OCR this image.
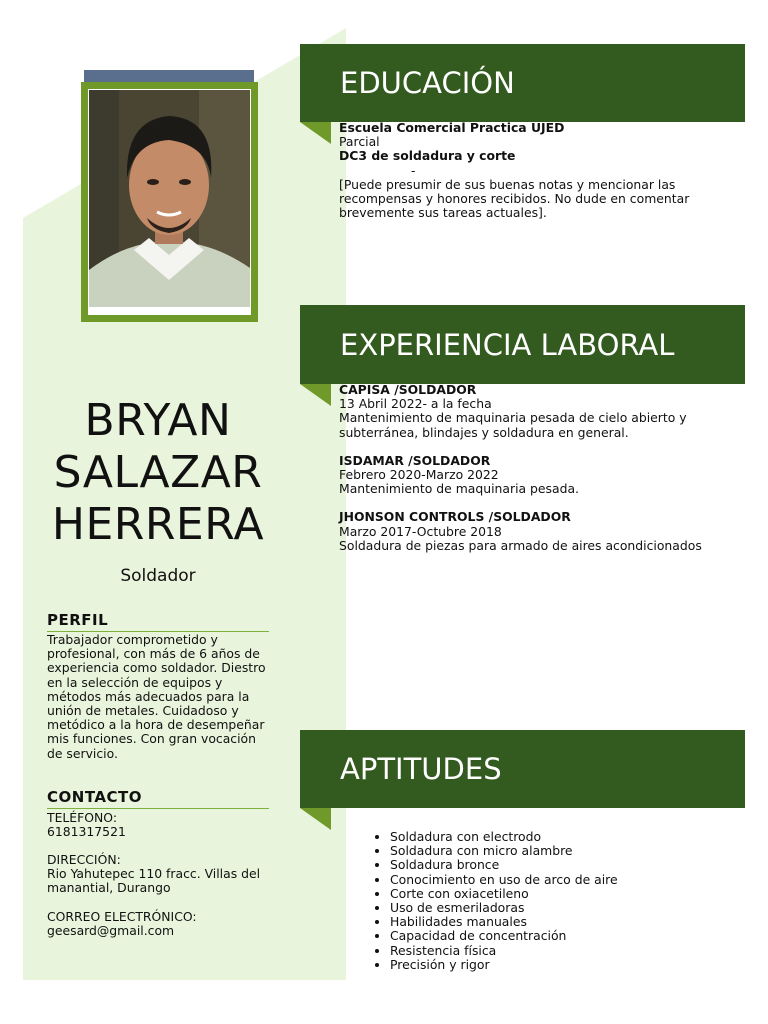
BRYAN
SALAZAR
HERRERA
Soldador
PERFIL
Trabajador comprometido y profesional, con más de 6 años de experiencia como soldador. Diestro en la selección de equipos y métodos más adecuados para la unión de metales. Cuidadoso y metódico a la hora de desempeñar mis funciones. Con gran vocación de servicio.
CONTACTO
TELÉFONO:
6181317521
DIRECCIÓN:
Rio Yahutepec 110 fracc. Villas del manantial, Durango
CORREO ELECTRÓNICO:
geesard@gmail.com
EDUCACIÓN
Escuela Comercial Practica UJED
Parcial
DC3 de soldadura y corte
-
[Puede presumir de sus buenas notas y mencionar las recompensas y honores recibidos. No dude en comentar brevemente sus tareas actuales].
EXPERIENCIA LABORAL
CAPISA /SOLDADOR
13 Abril 2022- a la fecha
Mantenimiento de maquinaria pesada de cielo abierto y subterránea, blindajes y soldadura en general.
ISDAMAR /SOLDADOR
Febrero 2020-Marzo 2022
Mantenimiento de maquinaria pesada.
JHONSON CONTROLS /SOLDADOR
Marzo 2017-Octubre 2018
Soldadura de piezas para armado de aires acondicionados
APTITUDES
• Soldadura con electrodo
• Soldadura con micro alambre
• Soldadura bronce
• Conocimiento en uso de arco de aire
• Corte con oxiacetileno
• Uso de esmeriladoras
• Habilidades manuales
• Capacidad de concentración
• Resistencia física
• Precisión y rigor
